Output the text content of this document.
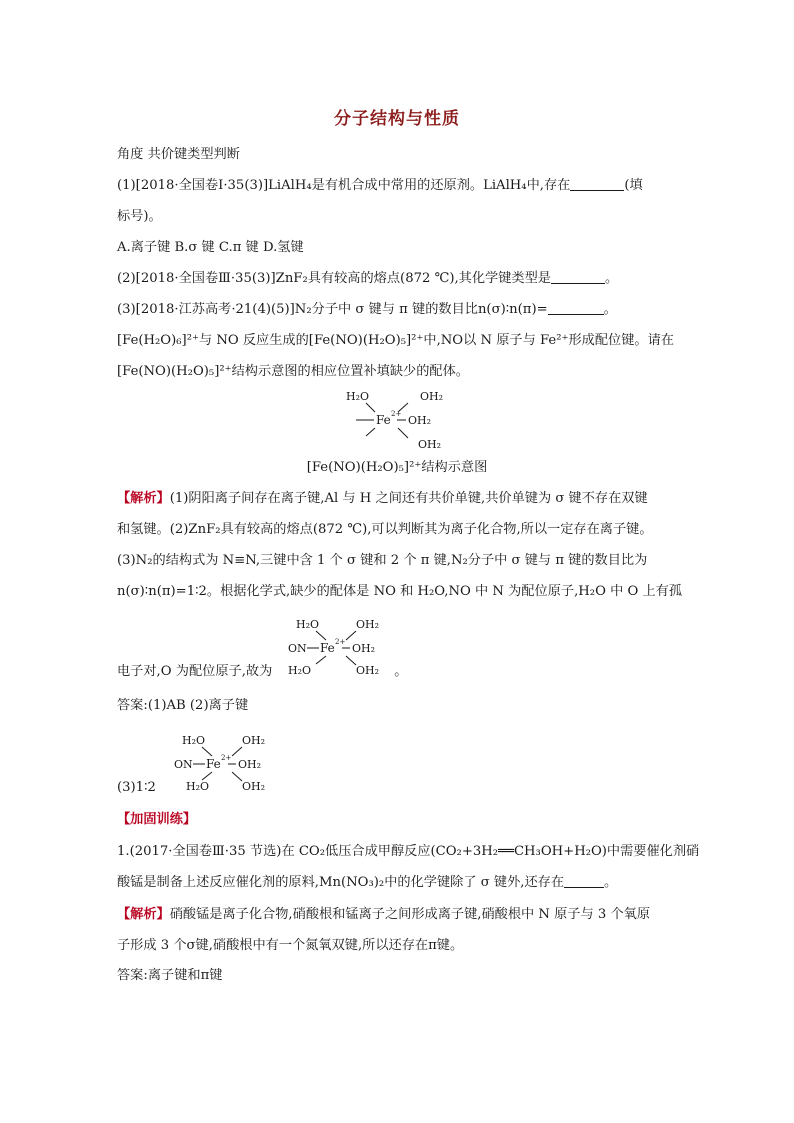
分子结构与性质
角度 共价键类型判断
(1)[2018·全国卷Ⅰ·35(3)]LiAlH₄是有机合成中常用的还原剂。LiAlH₄中,存在	(填
标号)。
A.离子键 B.σ 键 C.π 键 D.氢键
(2)[2018·全国卷Ⅲ·35(3)]ZnF₂具有较高的熔点(872 ℃),其化学键类型是	。
(3)[2018·江苏高考·21(4)(5)]N₂分子中 σ 键与 π 键的数目比n(σ)∶n(π)=	。
[Fe(H₂O)₆]²⁺与 NO 反应生成的[Fe(NO)(H₂O)₅]²⁺中,NO以 N 原子与 Fe²⁺形成配位键。请在
[Fe(NO)(H₂O)₅]²⁺结构示意图的相应位置补填缺少的配体。
H₂O	OH₂
Fe 2+ OH₂
OH₂
[Fe(NO)(H₂O)₅]²⁺结构示意图
【解析】(1)阴阳离子间存在离子键,Al 与 H 之间还有共价单键,共价单键为 σ 键不存在双键
和氢键。(2)ZnF₂具有较高的熔点(872 ℃),可以判断其为离子化合物,所以一定存在离子键。
(3)N₂的结构式为 N≡N,三键中含 1 个 σ 键和 2 个 π 键,N₂分子中 σ 键与 π 键的数目比为
n(σ)∶n(π)=1∶2。根据化学式,缺少的配体是 NO 和 H₂O,NO 中 N 为配位原子,H₂O 中 O 上有孤
H₂O	OH₂
ON Fe 2+ OH₂
H₂O	OH₂
电子对,O 为配位原子,故为	。
答案:(1)AB (2)离子键
H₂O	OH₂
ON Fe 2+ OH₂
H₂O	OH₂
(3)1∶2
【加固训练】
1.(2017·全国卷Ⅲ·35 节选)在 CO₂低压合成甲醇反应(CO₂+3H₂══CH₃OH+H₂O)中需要催化剂硝
酸锰是制备上述反应催化剂的原料,Mn(NO₃)₂中的化学键除了 σ 键外,还存在	。
【解析】硝酸锰是离子化合物,硝酸根和锰离子之间形成离子键,硝酸根中 N 原子与 3 个氧原
子形成 3 个σ键,硝酸根中有一个氮氧双键,所以还存在π键。
答案:离子键和π键
